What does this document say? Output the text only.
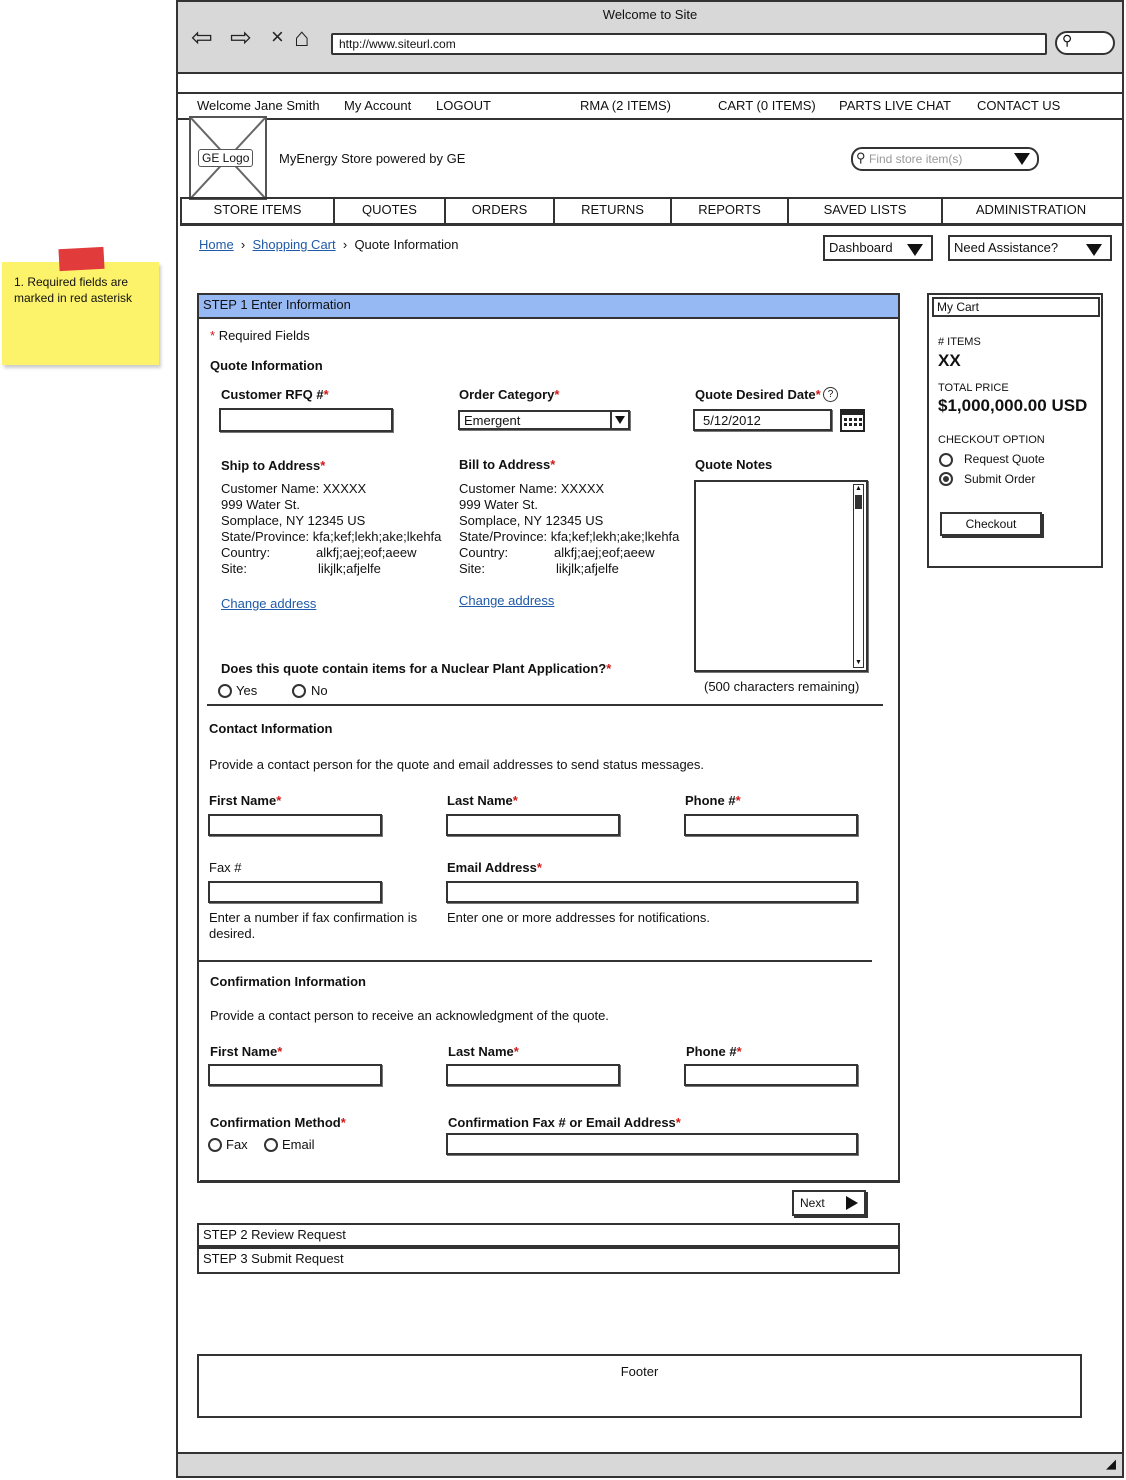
1. Required fields are marked in red asterisk
Welcome to Site
⇦ ⇨ × ⌂	http://www.siteurl.com	⚲
Welcome Jane Smith My Account LOGOUT	RMA (2 ITEMS)	CART (0 ITEMS) PARTS LIVE CHAT CONTACT US
GE Logo	MyEnergy Store powered by GE	⚲ Find store item(s)
STORE ITEMS	QUOTES	ORDERS	RETURNS	REPORTS	SAVED LISTS	ADMINISTRATION
Home  ›  Shopping Cart  ›  Quote Information	Dashboard	Need Assistance?
STEP 1 Enter Information
* Required Fields
Quote Information
Customer RFQ #*	Order Category*
Emergent
Quote Desired Date* ?
5/12/2012
Ship to Address*
Customer Name: XXXXX
999 Water St.
Somplace, NY 12345 US
State/Province: kfa;kef;lekh;ake;lkehfa
Country:	alkfj;aej;eof;aeew
Site:	likjlk;afjelfe
Change address
Bill to Address*
Customer Name: XXXXX
999 Water St.
Somplace, NY 12345 US
State/Province: kfa;kef;lekh;ake;lkehfa
Country:	alkfj;aej;eof;aeew
Site:	likjlk;afjelfe
Change address
Quote Notes
▲
▼
(500 characters remaining)
Does this quote contain items for a Nuclear Plant Application?*
Yes	No
Contact Information
Provide a contact person for the quote and email addresses to send status messages.
First Name*	Last Name*	Phone #*
Fax #	Email Address*
Enter a number if fax confirmation is desired.
Enter one or more addresses for notifications.
Confirmation Information
Provide a contact person to receive an acknowledgment of the quote.
First Name*	Last Name*	Phone #*
Confirmation Method*
Fax	Email
Confirmation Fax # or Email Address*
Next
STEP 2 Review Request
STEP 3 Submit Request
My Cart
# ITEMS
XX
TOTAL PRICE
$1,000,000.00 USD
CHECKOUT OPTION
Request Quote
Submit Order
Checkout
Footer
◢
